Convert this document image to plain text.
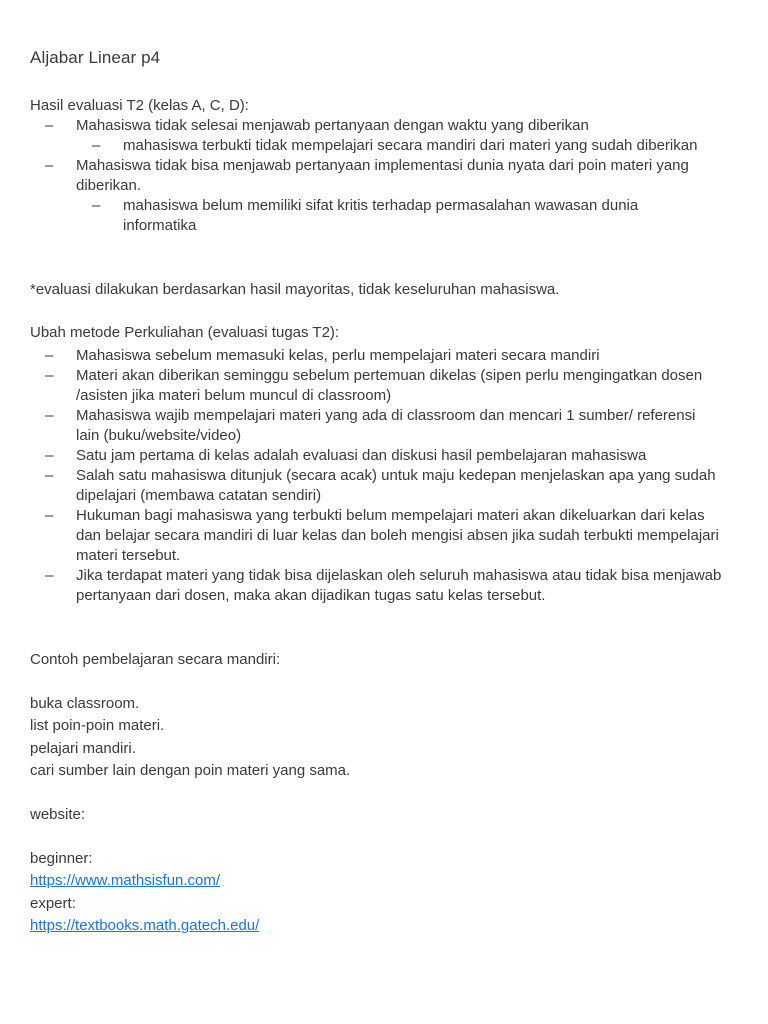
Aljabar Linear p4

Hasil evaluasi T2 (kelas A, C, D):

– Mahasiswa tidak selesai menjawab pertanyaan dengan waktu yang diberikan
– mahasiswa terbukti tidak mempelajari secara mandiri dari materi yang sudah diberikan
– Mahasiswa tidak bisa menjawab pertanyaan implementasi dunia nyata dari poin materi yang diberikan.
– mahasiswa belum memiliki sifat kritis terhadap permasalahan wawasan dunia informatika

*evaluasi dilakukan berdasarkan hasil mayoritas, tidak keseluruhan mahasiswa.

Ubah metode Perkuliahan (evaluasi tugas T2):

– Mahasiswa sebelum memasuki kelas, perlu mempelajari materi secara mandiri
– Materi akan diberikan seminggu sebelum pertemuan dikelas (sipen perlu mengingatkan dosen /asisten jika materi belum muncul di classroom)
– Mahasiswa wajib mempelajari materi yang ada di classroom dan mencari 1 sumber/ referensi lain (buku/website/video)
– Satu jam pertama di kelas adalah evaluasi dan diskusi hasil pembelajaran mahasiswa
– Salah satu mahasiswa ditunjuk (secara acak) untuk maju kedepan menjelaskan apa yang sudah dipelajari (membawa catatan sendiri)
– Hukuman bagi mahasiswa yang terbukti belum mempelajari materi akan dikeluarkan dari kelas dan belajar secara mandiri di luar kelas dan boleh mengisi absen jika sudah terbukti mempelajari materi tersebut.
– Jika terdapat materi yang tidak bisa dijelaskan oleh seluruh mahasiswa atau tidak bisa menjawab pertanyaan dari dosen, maka akan dijadikan tugas satu kelas tersebut.

Contoh pembelajaran secara mandiri:

buka classroom.

list poin-poin materi.

pelajari mandiri.

cari sumber lain dengan poin materi yang sama.

website:

beginner:

https://www.mathsisfun.com/

expert:

https://textbooks.math.gatech.edu/
